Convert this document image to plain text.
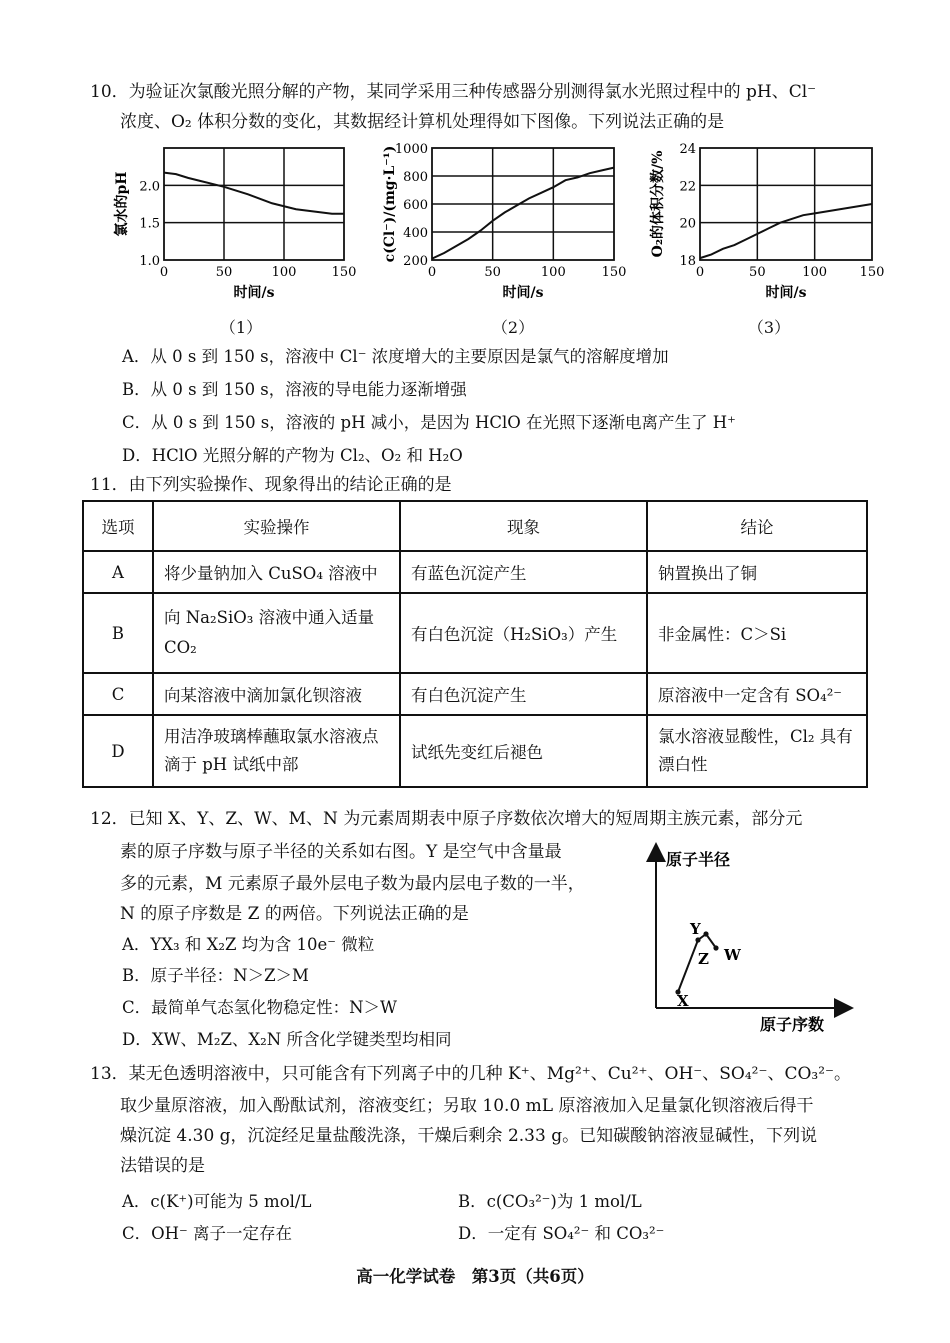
10．为验证次氯酸光照分解的产物，某同学采用三种传感器分别测得氯水光照过程中的 pH、Cl⁻
浓度、O₂ 体积分数的变化，其数据经计算机处理得如下图像。下列说法正确的是
1.0
1.5
2.0
0	50	100	150
时间/s
氯水的pH
200
400
600
800
1000
0	50	100	150
时间/s
c(Cl⁻)/(mg·L⁻¹)	18
20
22
24
0	50	100	150
时间/s
O₂的体积分数/%
（1）	（2）	（3）
A．从 0 s 到 150 s，溶液中 Cl⁻ 浓度增大的主要原因是氯气的溶解度增加
B．从 0 s 到 150 s，溶液的导电能力逐渐增强
C．从 0 s 到 150 s，溶液的 pH 减小，是因为 HClO 在光照下逐渐电离产生了 H⁺
D．HClO 光照分解的产物为 Cl₂、O₂ 和 H₂O
11．由下列实验操作、现象得出的结论正确的是
选项	实验操作	现象	结论
A	将少量钠加入 CuSO₄ 溶液中	有蓝色沉淀产生	钠置换出了铜
B	向 Na₂SiO₃ 溶液中通入适量 CO₂	有白色沉淀（H₂SiO₃）产生	非金属性：C＞Si
C	向某溶液中滴加氯化钡溶液	有白色沉淀产生	原溶液中一定含有 SO₄²⁻
D	用洁净玻璃棒蘸取氯水溶液点滴于 pH 试纸中部	试纸先变红后褪色	氯水溶液显酸性，Cl₂ 具有漂白性
12．已知 X、Y、Z、W、M、N 为元素周期表中原子序数依次增大的短周期主族元素，部分元
素的原子序数与原子半径的关系如右图。Y 是空气中含量最
多的元素，M 元素原子最外层电子数为最内层电子数的一半，
N 的原子序数是 Z 的两倍。下列说法正确的是
A．YX₃ 和 X₂Z 均为含 10e⁻ 微粒
B．原子半径：N＞Z＞M
C．最简单气态氢化物稳定性：N＞W
D．XW、M₂Z、X₂N 所含化学键类型均相同
原子半径
原子序数
X
Y
Z W
13．某无色透明溶液中，只可能含有下列离子中的几种 K⁺、Mg²⁺、Cu²⁺、OH⁻、SO₄²⁻、CO₃²⁻。
取少量原溶液，加入酚酞试剂，溶液变红；另取 10.0 mL 原溶液加入足量氯化钡溶液后得干
燥沉淀 4.30 g，沉淀经足量盐酸洗涤，干燥后剩余 2.33 g。已知碳酸钠溶液显碱性，下列说
法错误的是
A．c(K⁺)可能为 5 mol/L	B．c(CO₃²⁻)为 1 mol/L
C．OH⁻ 离子一定存在	D．一定有 SO₄²⁻ 和 CO₃²⁻
高一化学试卷　第3页（共6页）
